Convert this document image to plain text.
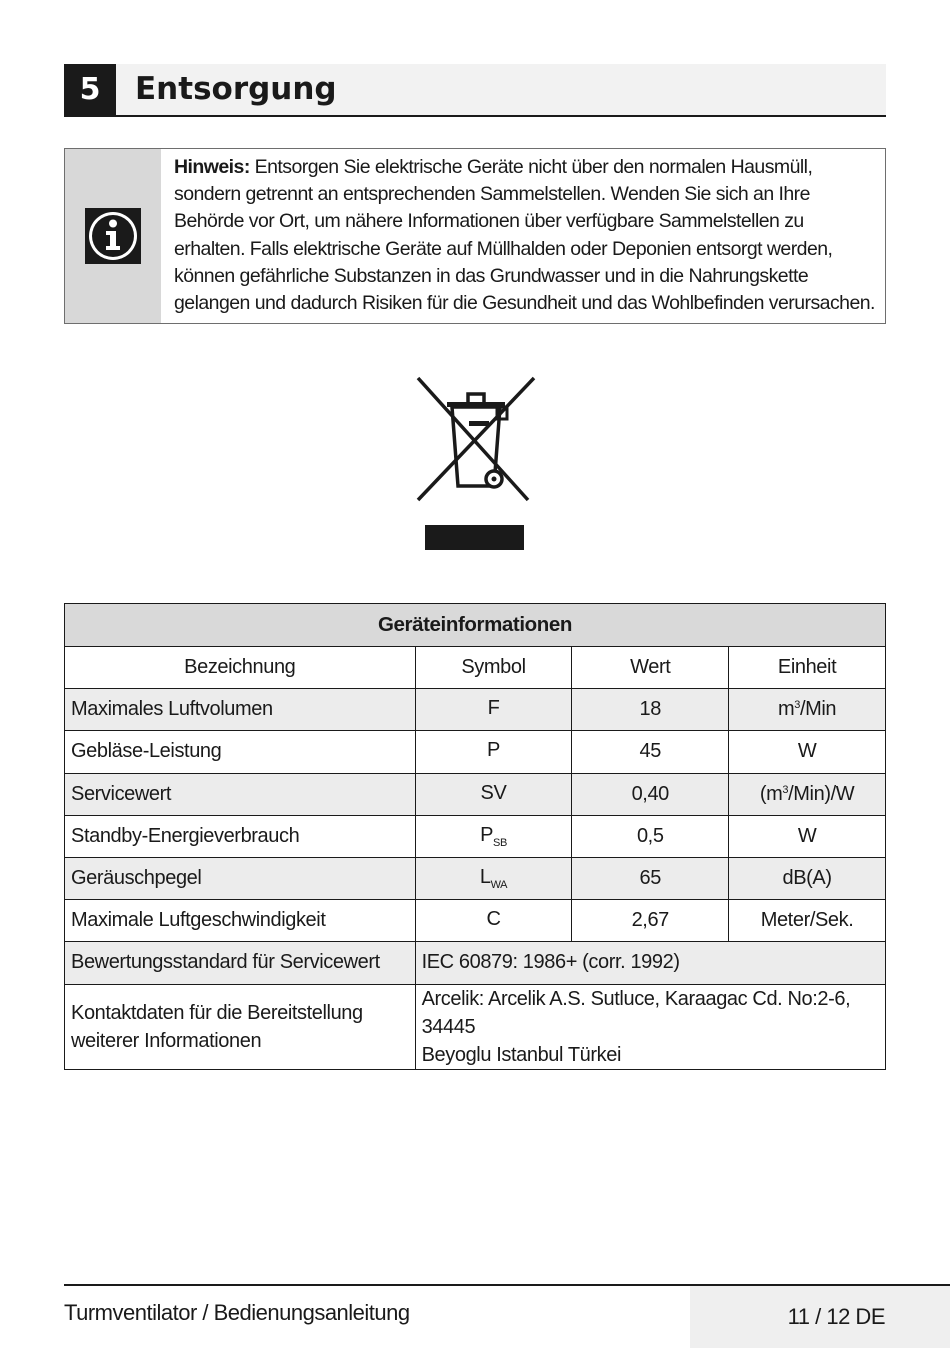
5	Entsorgung
Hinweis: Entsorgen Sie elektrische Geräte nicht über den normalen Hausmüll, sondern getrennt an entsprechenden Sammelstellen. Wenden Sie sich an Ihre Behörde vor Ort, um nähere Informationen über verfügbare Sammelstellen zu erhalten. Falls elektrische Geräte auf Müllhalden oder Deponien entsorgt werden, können gefährliche Substanzen in das Grundwasser und in die Nahrungskette gelangen und dadurch Risiken für die Gesundheit und das Wohlbefinden verursachen.
Geräteinformationen			
Bezeichnung	Symbol	Wert	Einheit
Maximales Luftvolumen	F	18	$m^3$/Min
Gebläse-Leistung	P	45	W
Servicewert	SV	0,40	$(m^3/Min)/W$
Standby-Energieverbrauch	$P_{SB}$	0,5	W
Geräuschpegel	$L_{WA}$	65	dB(A)
Maximale Luftgeschwindigkeit	C	2,67	Meter/Sek.
Bewertungsstandard für Servicewert	IEC 60879: 1986+ (corr. 1992)		
Kontaktdaten für die Bereitstellung
weiterer Informationen	Arcelik: Arcelik A.S. Sutluce, Karaagac Cd. No:2-6, 34445
Beyoglu Istanbul Türkei		
Turmventilator / Bedienungsanleitung	11 / 12 DE
